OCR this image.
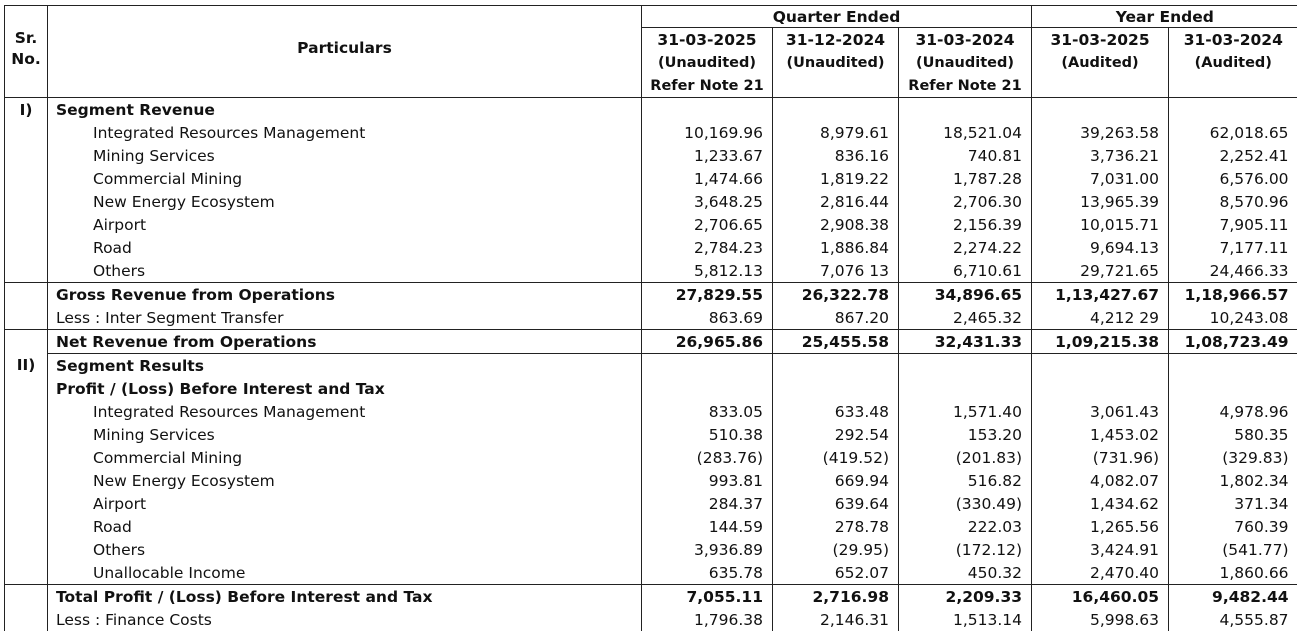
Sr.
No.	Particulars	Quarter Ended			Year Ended	
		31-03-2025	31-12-2024	31-03-2024	31-03-2025	31-03-2024
		(Unaudited)	(Unaudited)	(Unaudited)	(Audited)	(Audited)
		Refer Note 21		Refer Note 21		
I)	Segment Revenue					
	Integrated Resources Management	10,169.96	8,979.61	18,521.04	39,263.58	62,018.65
	Mining Services	1,233.67	836.16	740.81	3,736.21	2,252.41
	Commercial Mining	1,474.66	1,819.22	1,787.28	7,031.00	6,576.00
	New Energy Ecosystem	3,648.25	2,816.44	2,706.30	13,965.39	8,570.96
	Airport	2,706.65	2,908.38	2,156.39	10,015.71	7,905.11
	Road	2,784.23	1,886.84	2,274.22	9,694.13	7,177.11
	Others	5,812.13	7,076 13	6,710.61	29,721.65	24,466.33
	Gross Revenue from Operations	27,829.55	26,322.78	34,896.65	1,13,427.67	1,18,966.57
	Less : Inter Segment Transfer	863.69	867.20	2,465.32	4,212 29	10,243.08
	Net Revenue from Operations	26,965.86	25,455.58	32,431.33	1,09,215.38	1,08,723.49
II)	Segment Results					
	Profit / (Loss) Before Interest and Tax					
	Integrated Resources Management	833.05	633.48	1,571.40	3,061.43	4,978.96
	Mining Services	510.38	292.54	153.20	1,453.02	580.35
	Commercial Mining	(283.76)	(419.52)	(201.83)	(731.96)	(329.83)
	New Energy Ecosystem	993.81	669.94	516.82	4,082.07	1,802.34
	Airport	284.37	639.64	(330.49)	1,434.62	371.34
	Road	144.59	278.78	222.03	1,265.56	760.39
	Others	3,936.89	(29.95)	(172.12)	3,424.91	(541.77)
	Unallocable Income	635.78	652.07	450.32	2,470.40	1,860.66
	Total Profit / (Loss) Before Interest and Tax	7,055.11	2,716.98	2,209.33	16,460.05	9,482.44
	Less : Finance Costs	1,796.38	2,146.31	1,513.14	5,998.63	4,555.87
